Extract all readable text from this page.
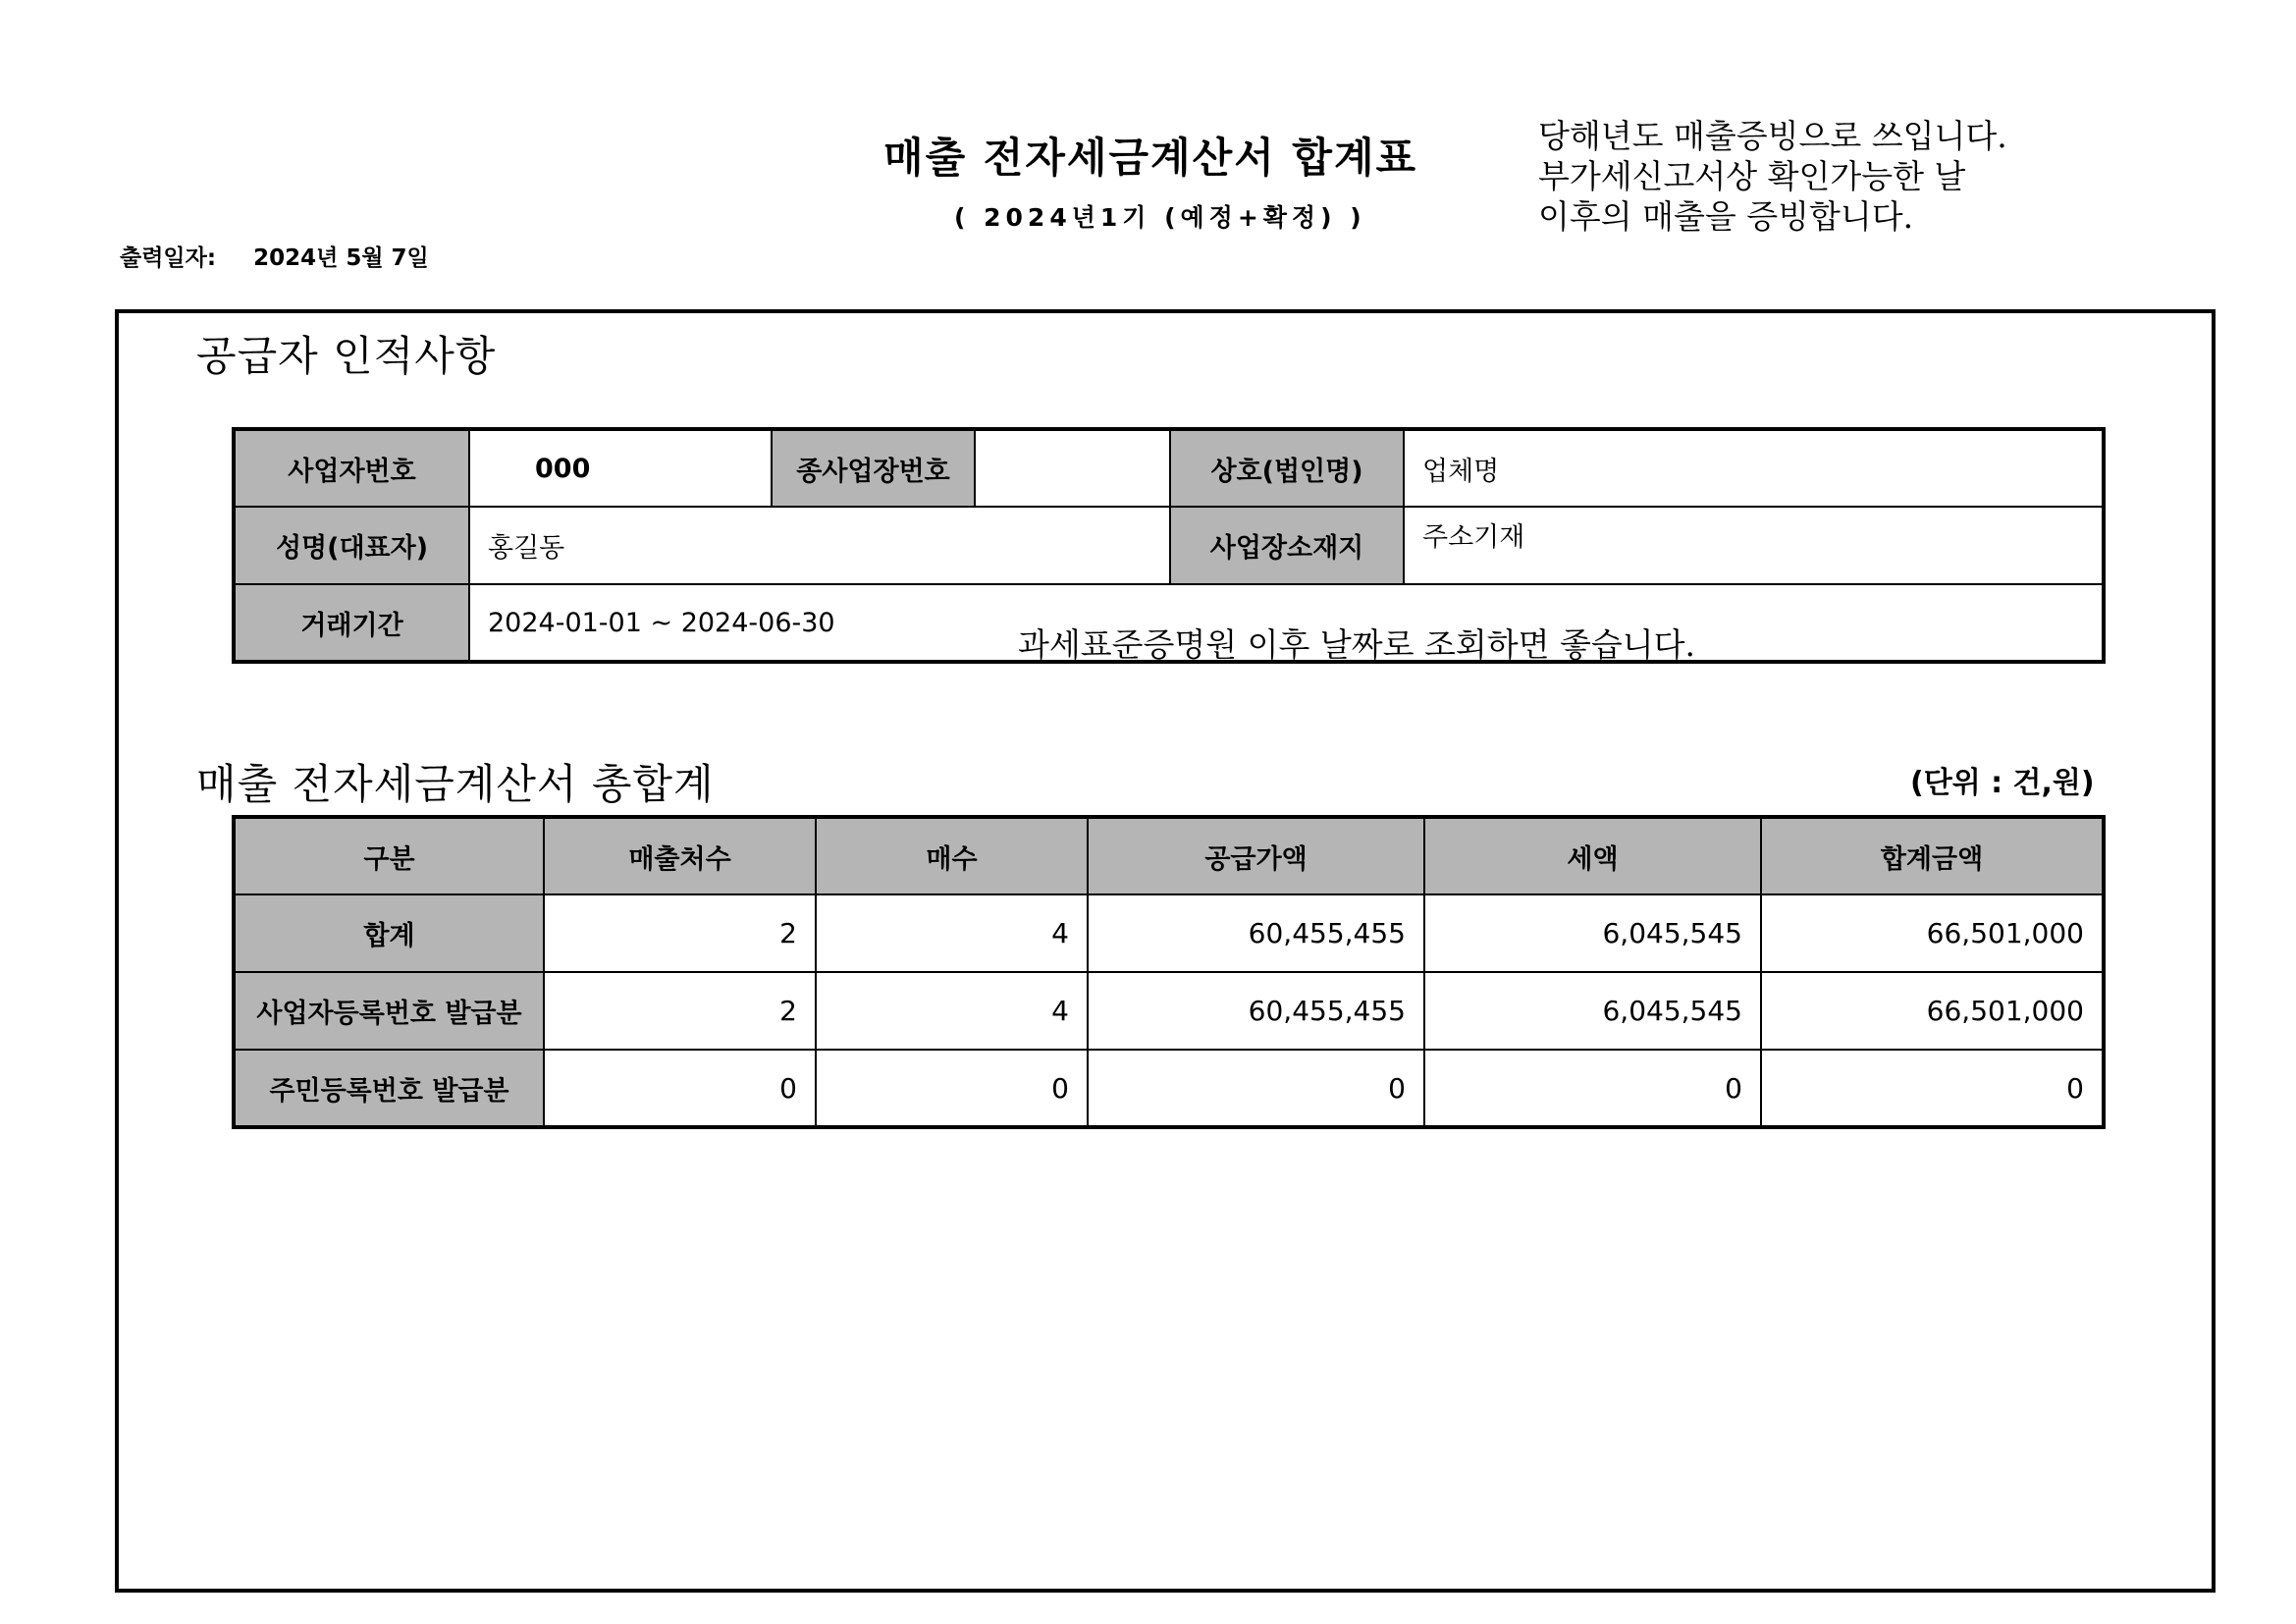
매출 전자세금계산서 합계표
( 2024년1기 (예정+확정) )
당해년도 매출증빙으로 쓰입니다.
부가세신고서상 확인가능한 날
이후의 매출을 증빙합니다.
출력일자: 2024년 5월 7일
공급자 인적사항
사업자번호	000	종사업장번호		상호(법인명)	업체명
성명(대표자)	홍길동			사업장소재지	주소기재
거래기간	2024-01-01 ~ 2024-06-30
과세표준증명원 이후 날짜로 조회하면 좋습니다.				
매출 전자세금계산서 총합계	(단위 : 건,원)
구분	매출처수	매수	공급가액	세액	합계금액
합계	2	4	60,455,455	6,045,545	66,501,000
사업자등록번호 발급분	2	4	60,455,455	6,045,545	66,501,000
주민등록번호 발급분	0	0	0	0	0
